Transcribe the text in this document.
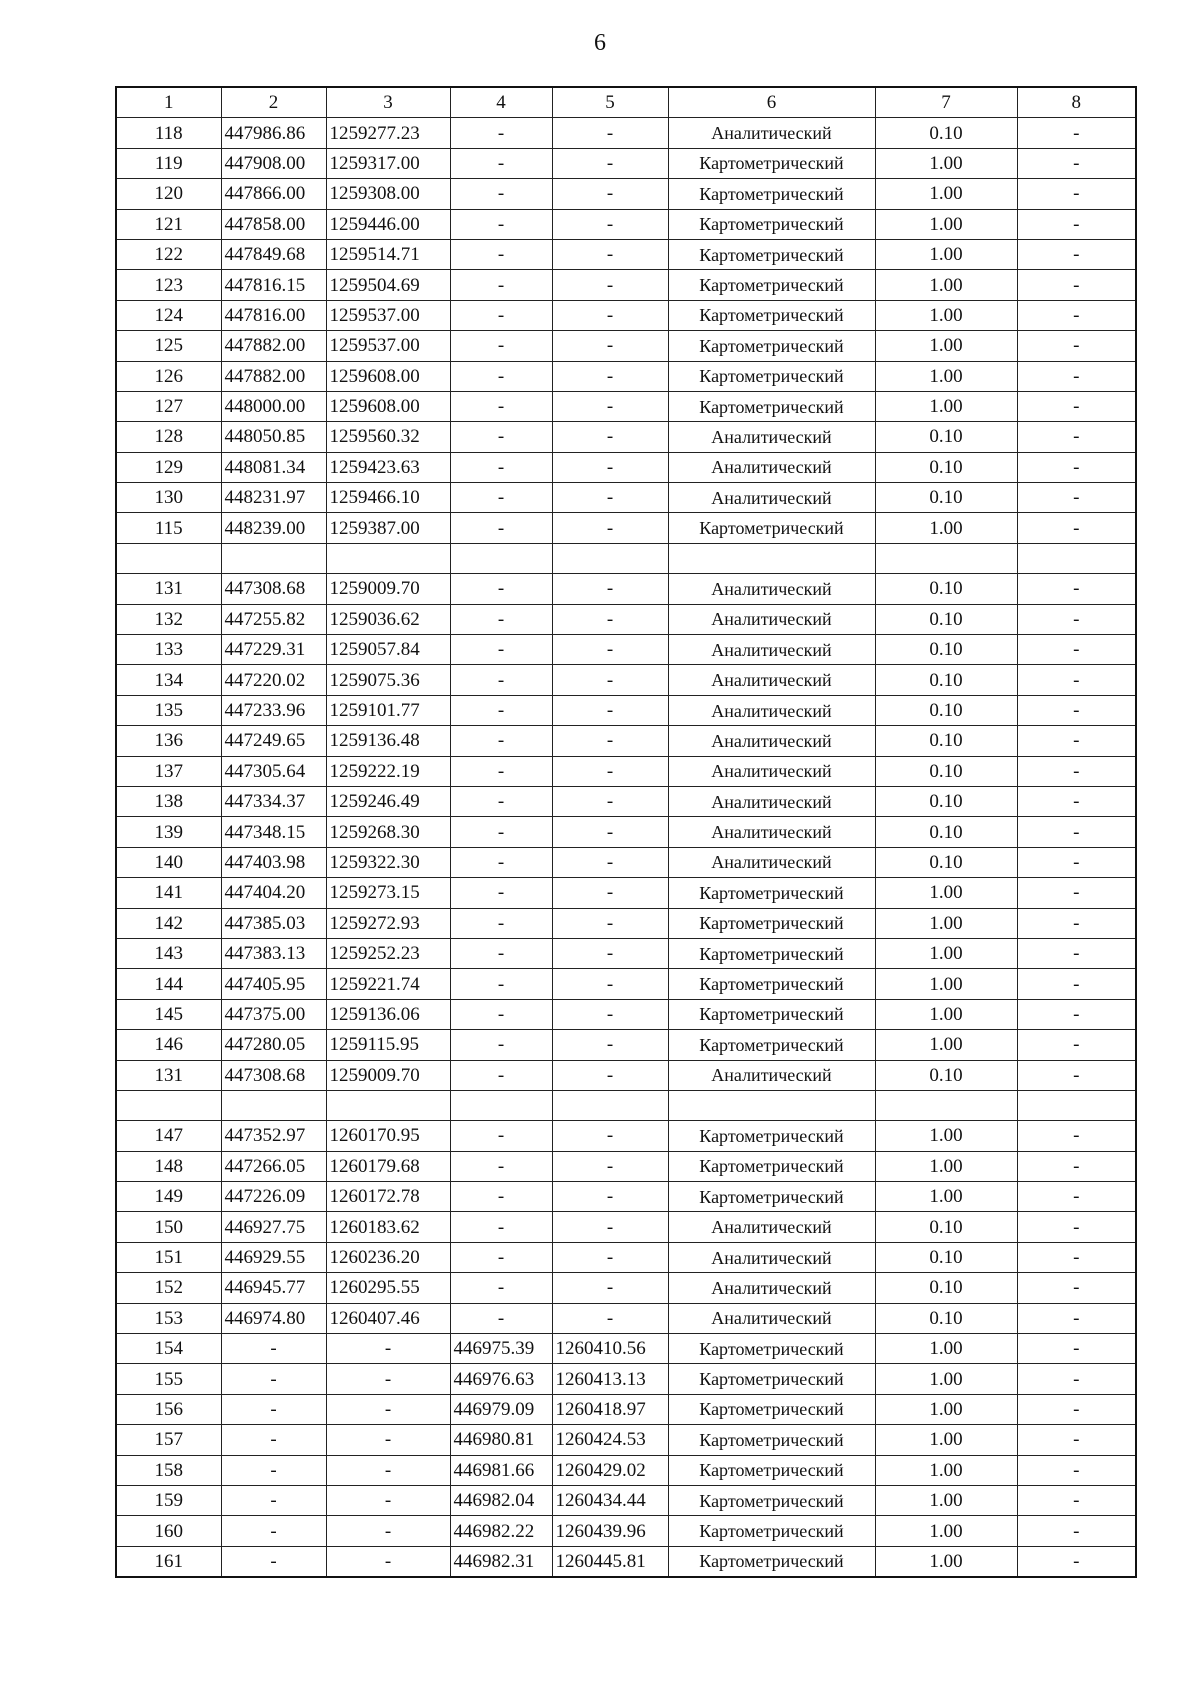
6
1	2	3	4	5	6	7	8
118	447986.86	1259277.23	-	-	Аналитический	0.10	-
119	447908.00	1259317.00	-	-	Картометрический	1.00	-
120	447866.00	1259308.00	-	-	Картометрический	1.00	-
121	447858.00	1259446.00	-	-	Картометрический	1.00	-
122	447849.68	1259514.71	-	-	Картометрический	1.00	-
123	447816.15	1259504.69	-	-	Картометрический	1.00	-
124	447816.00	1259537.00	-	-	Картометрический	1.00	-
125	447882.00	1259537.00	-	-	Картометрический	1.00	-
126	447882.00	1259608.00	-	-	Картометрический	1.00	-
127	448000.00	1259608.00	-	-	Картометрический	1.00	-
128	448050.85	1259560.32	-	-	Аналитический	0.10	-
129	448081.34	1259423.63	-	-	Аналитический	0.10	-
130	448231.97	1259466.10	-	-	Аналитический	0.10	-
115	448239.00	1259387.00	-	-	Картометрический	1.00	-

131	447308.68	1259009.70	-	-	Аналитический	0.10	-
132	447255.82	1259036.62	-	-	Аналитический	0.10	-
133	447229.31	1259057.84	-	-	Аналитический	0.10	-
134	447220.02	1259075.36	-	-	Аналитический	0.10	-
135	447233.96	1259101.77	-	-	Аналитический	0.10	-
136	447249.65	1259136.48	-	-	Аналитический	0.10	-
137	447305.64	1259222.19	-	-	Аналитический	0.10	-
138	447334.37	1259246.49	-	-	Аналитический	0.10	-
139	447348.15	1259268.30	-	-	Аналитический	0.10	-
140	447403.98	1259322.30	-	-	Аналитический	0.10	-
141	447404.20	1259273.15	-	-	Картометрический	1.00	-
142	447385.03	1259272.93	-	-	Картометрический	1.00	-
143	447383.13	1259252.23	-	-	Картометрический	1.00	-
144	447405.95	1259221.74	-	-	Картометрический	1.00	-
145	447375.00	1259136.06	-	-	Картометрический	1.00	-
146	447280.05	1259115.95	-	-	Картометрический	1.00	-
131	447308.68	1259009.70	-	-	Аналитический	0.10	-

147	447352.97	1260170.95	-	-	Картометрический	1.00	-
148	447266.05	1260179.68	-	-	Картометрический	1.00	-
149	447226.09	1260172.78	-	-	Картометрический	1.00	-
150	446927.75	1260183.62	-	-	Аналитический	0.10	-
151	446929.55	1260236.20	-	-	Аналитический	0.10	-
152	446945.77	1260295.55	-	-	Аналитический	0.10	-
153	446974.80	1260407.46	-	-	Аналитический	0.10	-
154	-	-	446975.39	1260410.56	Картометрический	1.00	-
155	-	-	446976.63	1260413.13	Картометрический	1.00	-
156	-	-	446979.09	1260418.97	Картометрический	1.00	-
157	-	-	446980.81	1260424.53	Картометрический	1.00	-
158	-	-	446981.66	1260429.02	Картометрический	1.00	-
159	-	-	446982.04	1260434.44	Картометрический	1.00	-
160	-	-	446982.22	1260439.96	Картометрический	1.00	-
161	-	-	446982.31	1260445.81	Картометрический	1.00	-
